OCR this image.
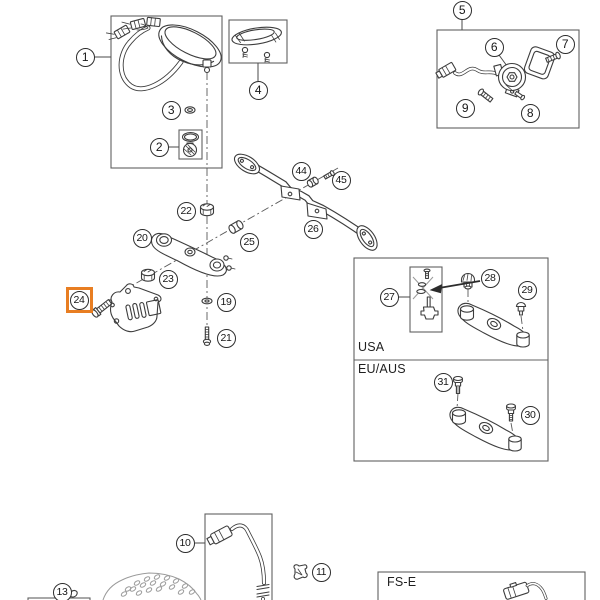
USA
EU/AUS
FS-E
1
2
3
4
5
6	7
8
9
10
11
13
19
20
21
22
23
24
25
26
27
28
29
30
31
44
45
